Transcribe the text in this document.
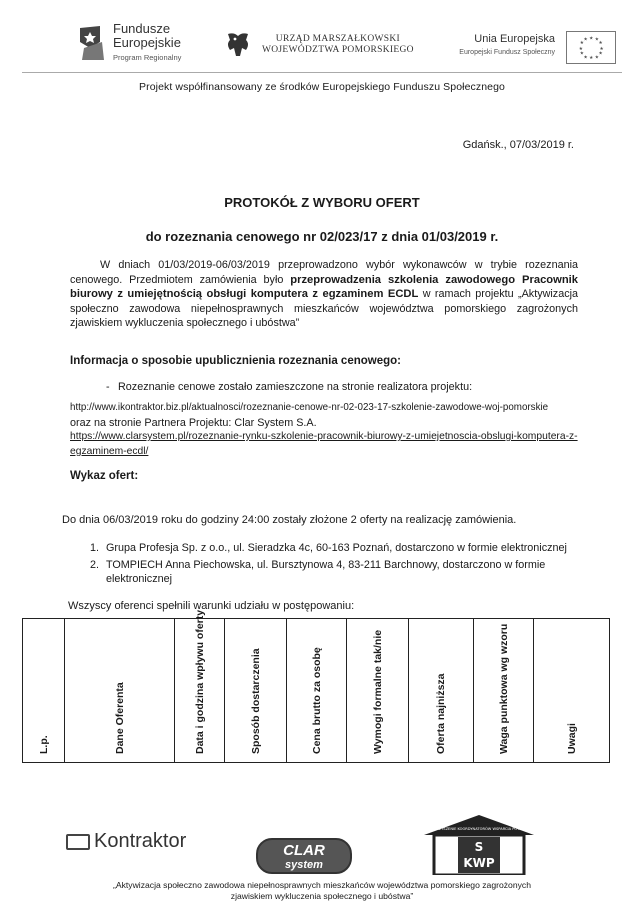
Fundusze
Europejskie
Program Regionalny
URZĄD MARSZAŁKOWSKI
WOJEWÓDZTWA POMORSKIEGO
Unia Europejska
Europejski Fundusz Społeczny
★ ★
★
★
★
★
★
★
★
★
★
★
Projekt współfinansowany ze środków Europejskiego Funduszu Społecznego
Gdańsk., 07/03/2019 r.
PROTOKÓŁ Z WYBORU OFERT
do rozeznania cenowego nr 02/023/17 z dnia 01/03/2019 r.
W dniach 01/03/2019-06/03/2019 przeprowadzono wybór wykonawców w trybie rozeznania cenowego. Przedmiotem zamówienia było przeprowadzenia szkolenia zawodowego Pracownik biurowy z umiejętnością obsługi komputera z egzaminem ECDL w ramach projektu „Aktywizacja społeczno zawodowa niepełnosprawnych mieszkańców województwa pomorskiego zagrożonych zjawiskiem wykluczenia społecznego i ubóstwa”
Informacja o sposobie upublicznienia rozeznania cenowego:
- Rozeznanie cenowe zostało zamieszczone na stronie realizatora projektu:
http://www.ikontraktor.biz.pl/aktualnosci/rozeznanie-cenowe-nr-02-023-17-szkolenie-zawodowe-woj-pomorskie
oraz na stronie Partnera Projektu: Clar System S.A.
https://www.clarsystem.pl/rozeznanie-rynku-szkolenie-pracownik-biurowy-z-umiejetnoscia-obslugi-komputera-z-egzaminem-ecdl/
Wykaz ofert:
Do dnia 06/03/2019 roku do godziny 24:00 zostały złożone 2 oferty na realizację zamówienia.
1. Grupa Profesja Sp. z o.o., ul. Sieradzka 4c, 60-163 Poznań, dostarczono w formie elektronicznej
2. TOMPIECH Anna Piechowska, ul. Bursztynowa 4, 83-211 Barchnowy, dostarczono w formie elektronicznej
Wszyscy oferenci spełnili warunki udziału w postępowaniu:
L.p.	Dane Oferenta	Data i godzina wpływu oferty	Sposób dostarczenia	Cena brutto za osobę	Wymogi formalne tak/nie	Oferta najniższa	Waga punktowa wg wzoru	Uwagi
Kontraktor	CLAR
system
STOWARZYSZENIE KOORDYNATORÓW WSPARCIA POTENCJAŁU
S
KWP
„Aktywizacja społeczno zawodowa niepełnosprawnych mieszkańców województwa pomorskiego zagrożonych
zjawiskiem wykluczenia społecznego i ubóstwa”
